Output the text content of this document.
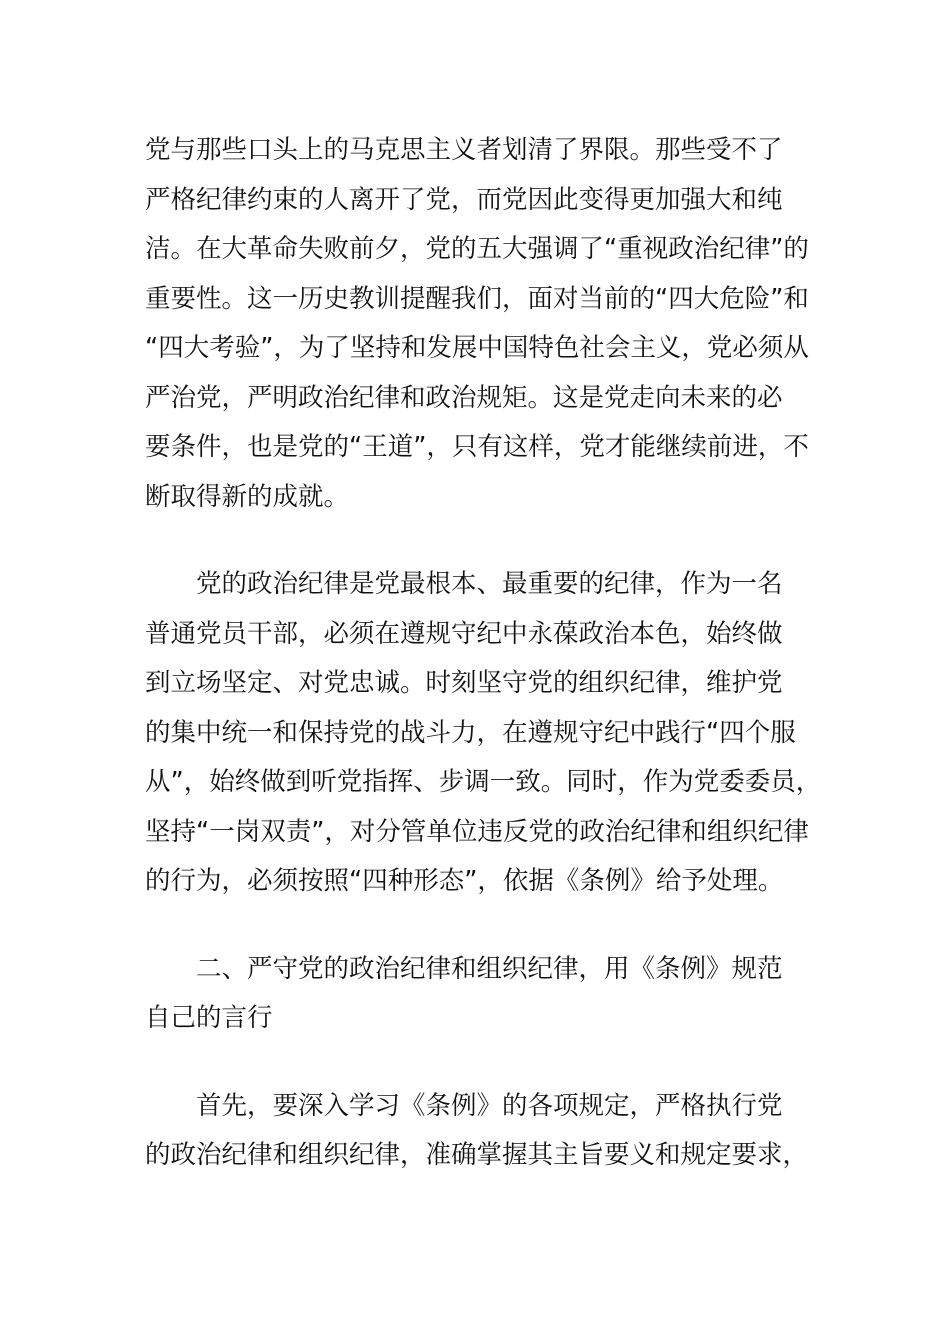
党与那些口头上的马克思主义者划清了界限。那些受不了
严格纪律约束的人离开了党，而党因此变得更加强大和纯
洁。在大革命失败前夕，党的五大强调了“重视政治纪律”的
重要性。这一历史教训提醒我们，面对当前的“四大危险”和
“四大考验”，为了坚持和发展中国特色社会主义，党必须从
严治党，严明政治纪律和政治规矩。这是党走向未来的必
要条件，也是党的“王道”，只有这样，党才能继续前进，不
断取得新的成就。
党的政治纪律是党最根本、最重要的纪律，作为一名
普通党员干部，必须在遵规守纪中永葆政治本色，始终做
到立场坚定、对党忠诚。时刻坚守党的组织纪律，维护党
的集中统一和保持党的战斗力，在遵规守纪中践行“四个服
从”，始终做到听党指挥、步调一致。同时，作为党委委员，
坚持“一岗双责”，对分管单位违反党的政治纪律和组织纪律
的行为，必须按照“四种形态”，依据《条例》给予处理。
二、严守党的政治纪律和组织纪律，用《条例》规范
自己的言行
首先，要深入学习《条例》的各项规定，严格执行党
的政治纪律和组织纪律，准确掌握其主旨要义和规定要求，
